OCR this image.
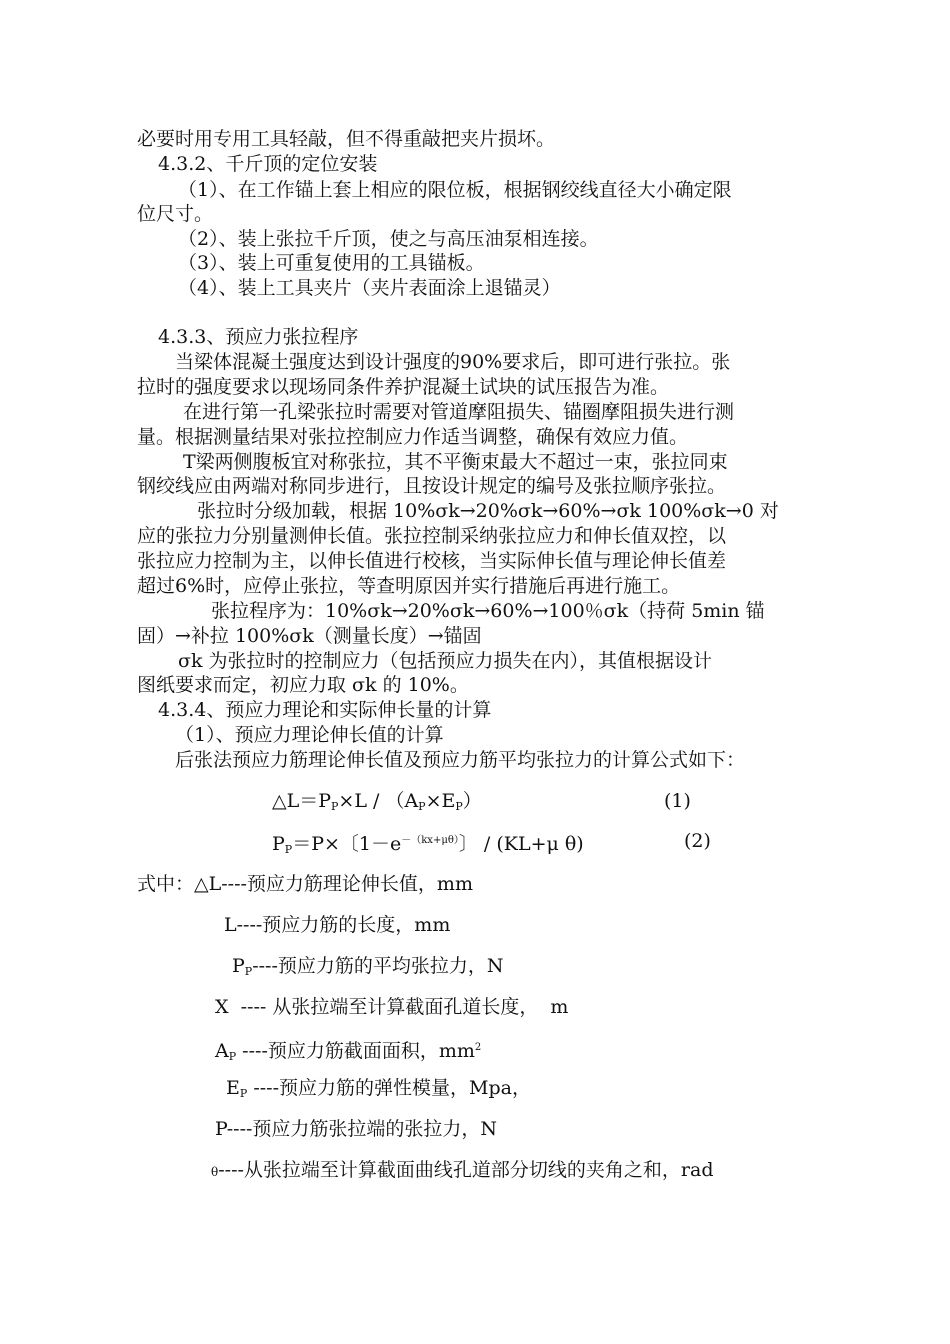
必要时用专用工具轻敲，但不得重敲把夹片损坏。
4.3.2、千斤顶的定位安装
（1）、在工作锚上套上相应的限位板，根据钢绞线直径大小确定限
位尺寸。
（2）、装上张拉千斤顶，使之与高压油泵相连接。
（3）、装上可重复使用的工具锚板。
（4）、装上工具夹片（夹片表面涂上退锚灵）
4.3.3、预应力张拉程序
当梁体混凝土强度达到设计强度的90%要求后，即可进行张拉。张
拉时的强度要求以现场同条件养护混凝土试块的试压报告为准。
在进行第一孔梁张拉时需要对管道摩阻损失、锚圈摩阻损失进行测
量。根据测量结果对张拉控制应力作适当调整，确保有效应力值。
T梁两侧腹板宜对称张拉，其不平衡束最大不超过一束，张拉同束
钢绞线应由两端对称同步进行，且按设计规定的编号及张拉顺序张拉。
张拉时分级加载，根据 10%σk→20%σk→60%→σk 100%σk→0 对
应的张拉力分别量测伸长值。张拉控制采纳张拉应力和伸长值双控，以
张拉应力控制为主，以伸长值进行校核，当实际伸长值与理论伸长值差
超过6%时，应停止张拉，等查明原因并实行措施后再进行施工。
张拉程序为：10%σk→20%σk→60%→100％σk（持荷 5min 锚
固）→补拉 100%σk（测量长度）→锚固
σk 为张拉时的控制应力（包括预应力损失在内），其值根据设计
图纸要求而定，初应力取 σk 的 10%。
4.3.4、预应力理论和实际伸长量的计算
（1）、预应力理论伸长值的计算
后张法预应力筋理论伸长值及预应力筋平均张拉力的计算公式如下：
$\triangle L=P_P\times L / (A_P\times E_P)$	(1)
$P_P=P\times$〔$1-e^{-(kx+\mu\theta)}$〕 / (KL+μ θ)	(2)
式中：△L----预应力筋理论伸长值，mm
L----预应力筋的长度，mm
$P_P----$预应力筋的平均张拉力，N
X  ---- 从张拉端至计算截面孔道长度，  m
$A_P$ ----预应力筋截面面积，$mm^2$
$E_P$ ----预应力筋的弹性模量，Mpa，
P----预应力筋张拉端的张拉力，N
θ----从张拉端至计算截面曲线孔道部分切线的夹角之和，rad
